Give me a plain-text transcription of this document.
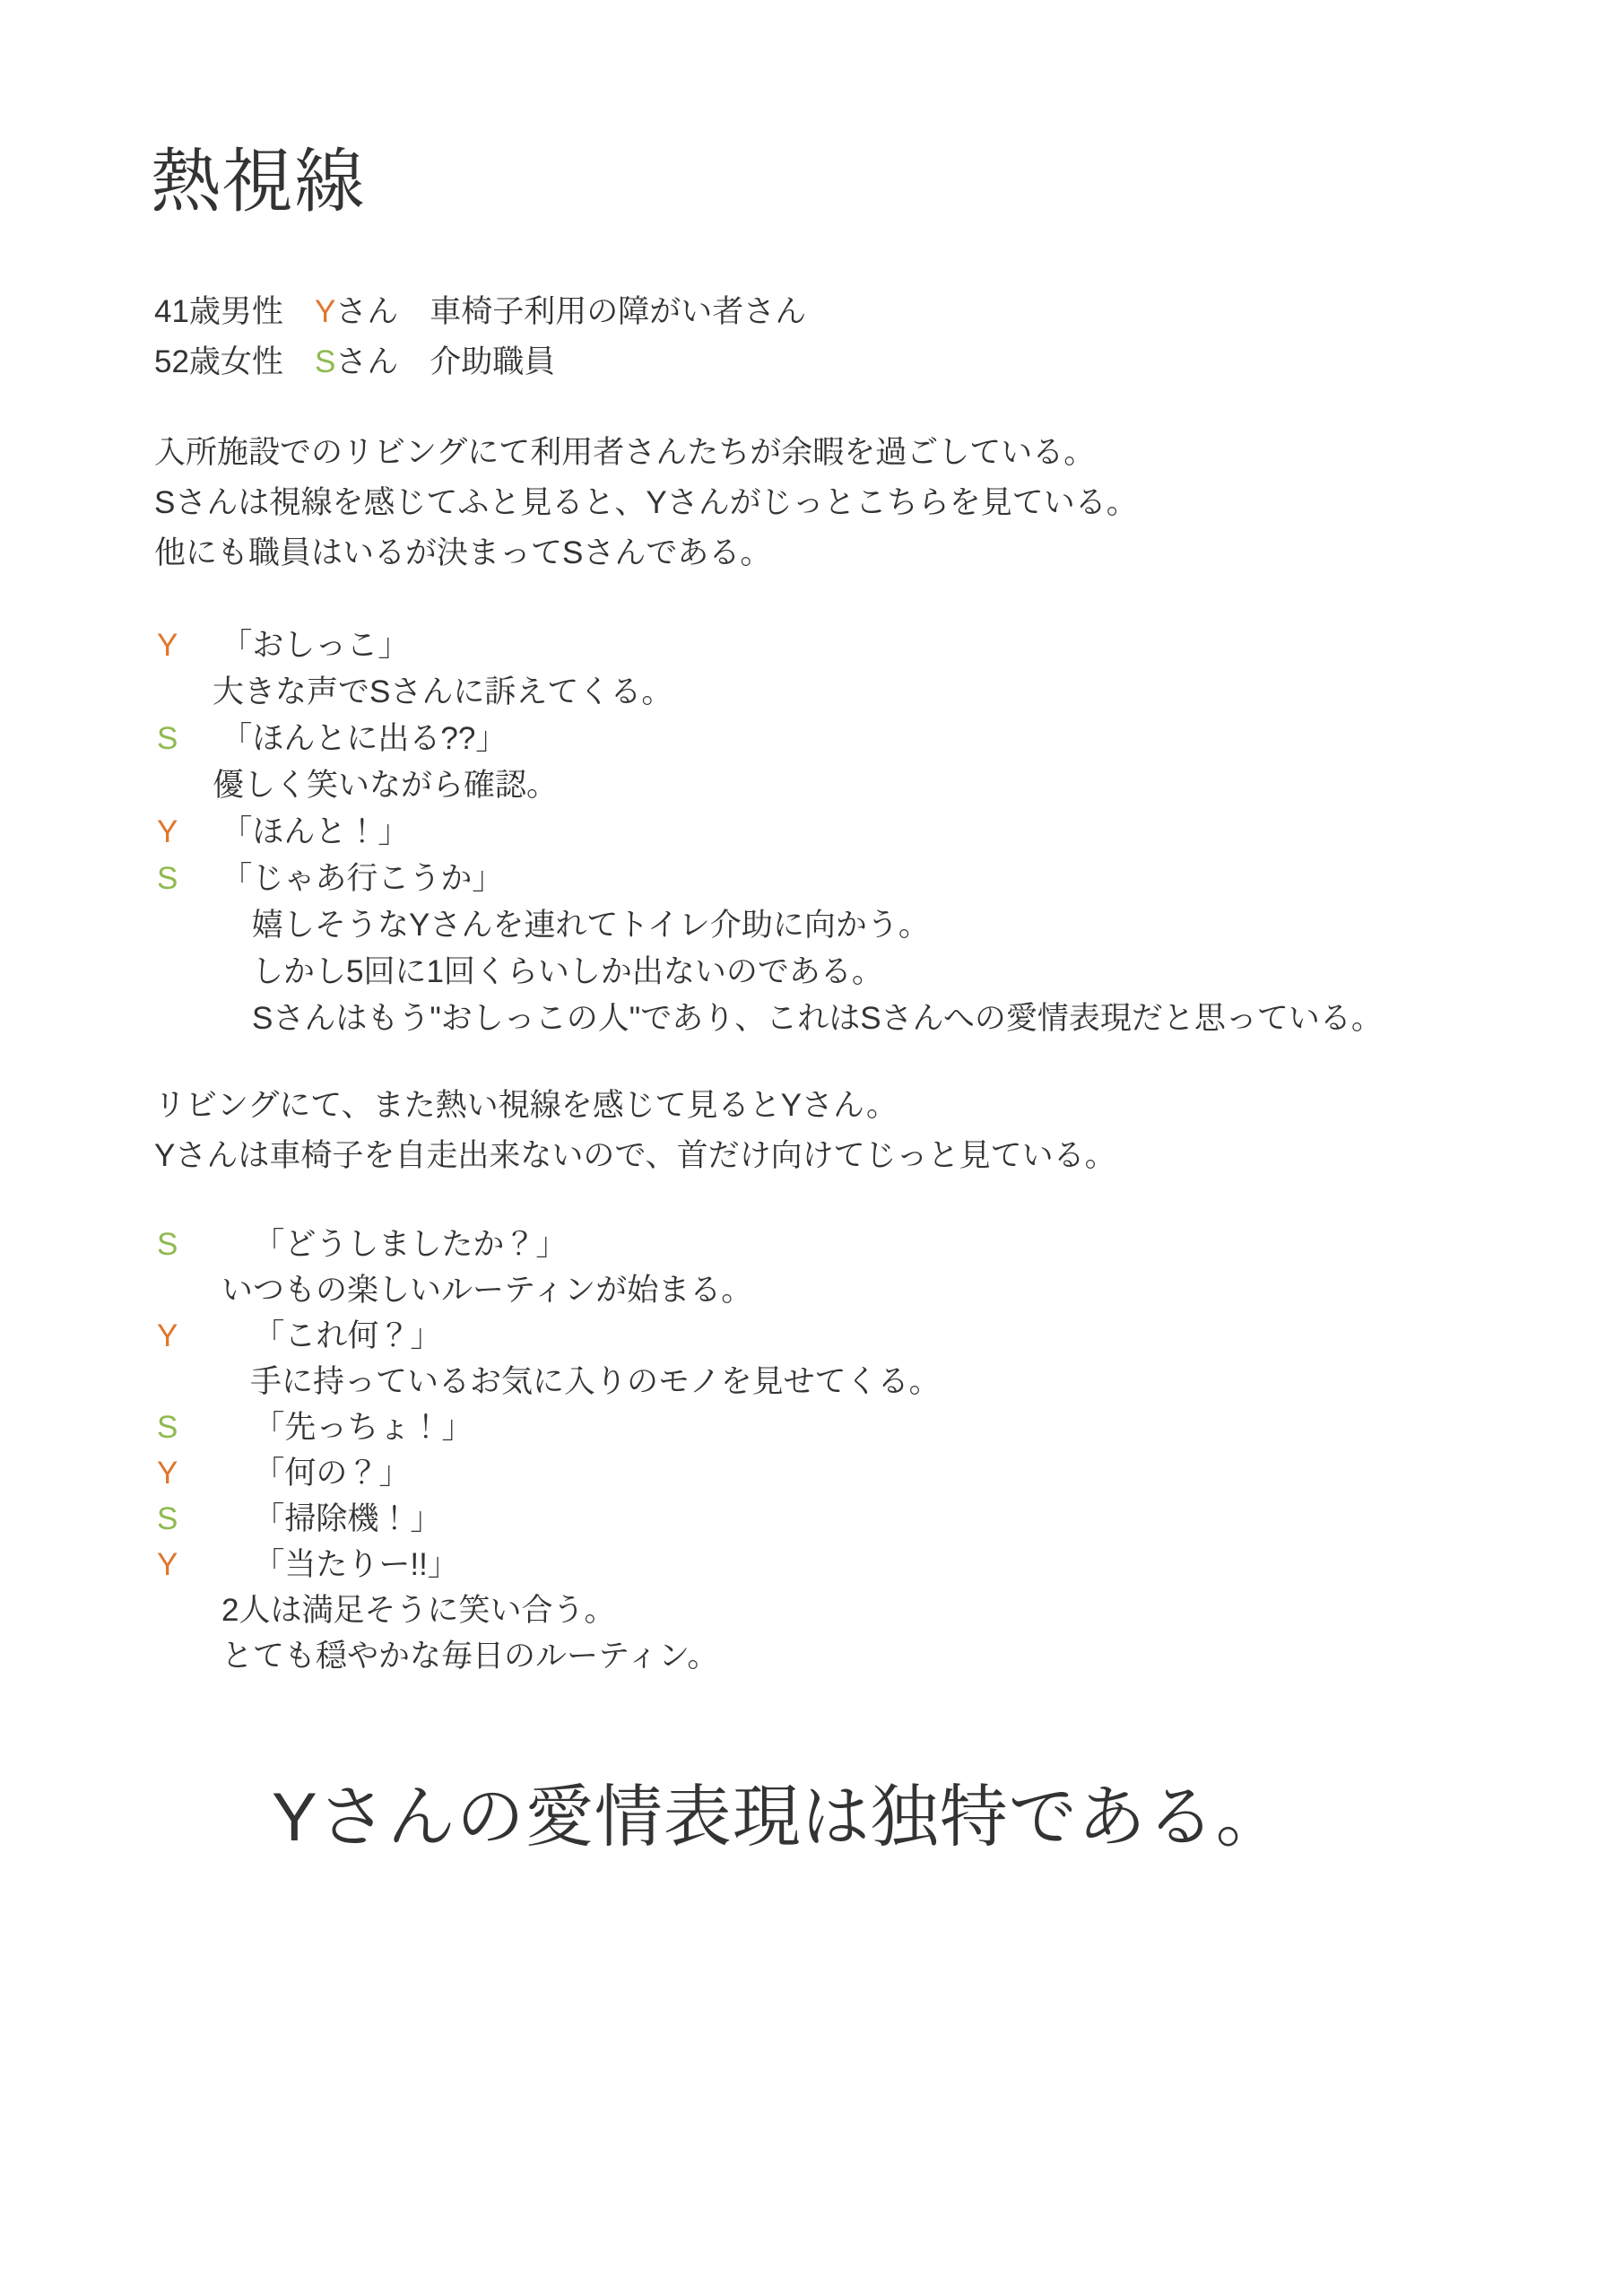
熱視線
41歳男性　Yさん　車椅子利用の障がい者さん
52歳女性　Sさん　介助職員
入所施設でのリビングにて利用者さんたちが余暇を過ごしている。
Sさんは視線を感じてふと見ると、Yさんがじっとこちらを見ている。
他にも職員はいるが決まってSさんである。
Y 「おしっこ」
大きな声でSさんに訴えてくる。
S 「ほんとに出る??」
優しく笑いながら確認。
Y 「ほんと！」
S 「じゃあ行こうか」
嬉しそうなYさんを連れてトイレ介助に向かう。
しかし5回に1回くらいしか出ないのである。
Sさんはもう"おしっこの人"であり、これはSさんへの愛情表現だと思っている。
リビングにて、また熱い視線を感じて見るとYさん。
Yさんは車椅子を自走出来ないので、首だけ向けてじっと見ている。
S 「どうしましたか？」
いつもの楽しいルーティンが始まる。
Y 「これ何？」
手に持っているお気に入りのモノを見せてくる。
S 「先っちょ！」
Y 「何の？」
S 「掃除機！」
Y 「当たりー!!」
2人は満足そうに笑い合う。
とても穏やかな毎日のルーティン。

Yさんの愛情表現は独特である。
